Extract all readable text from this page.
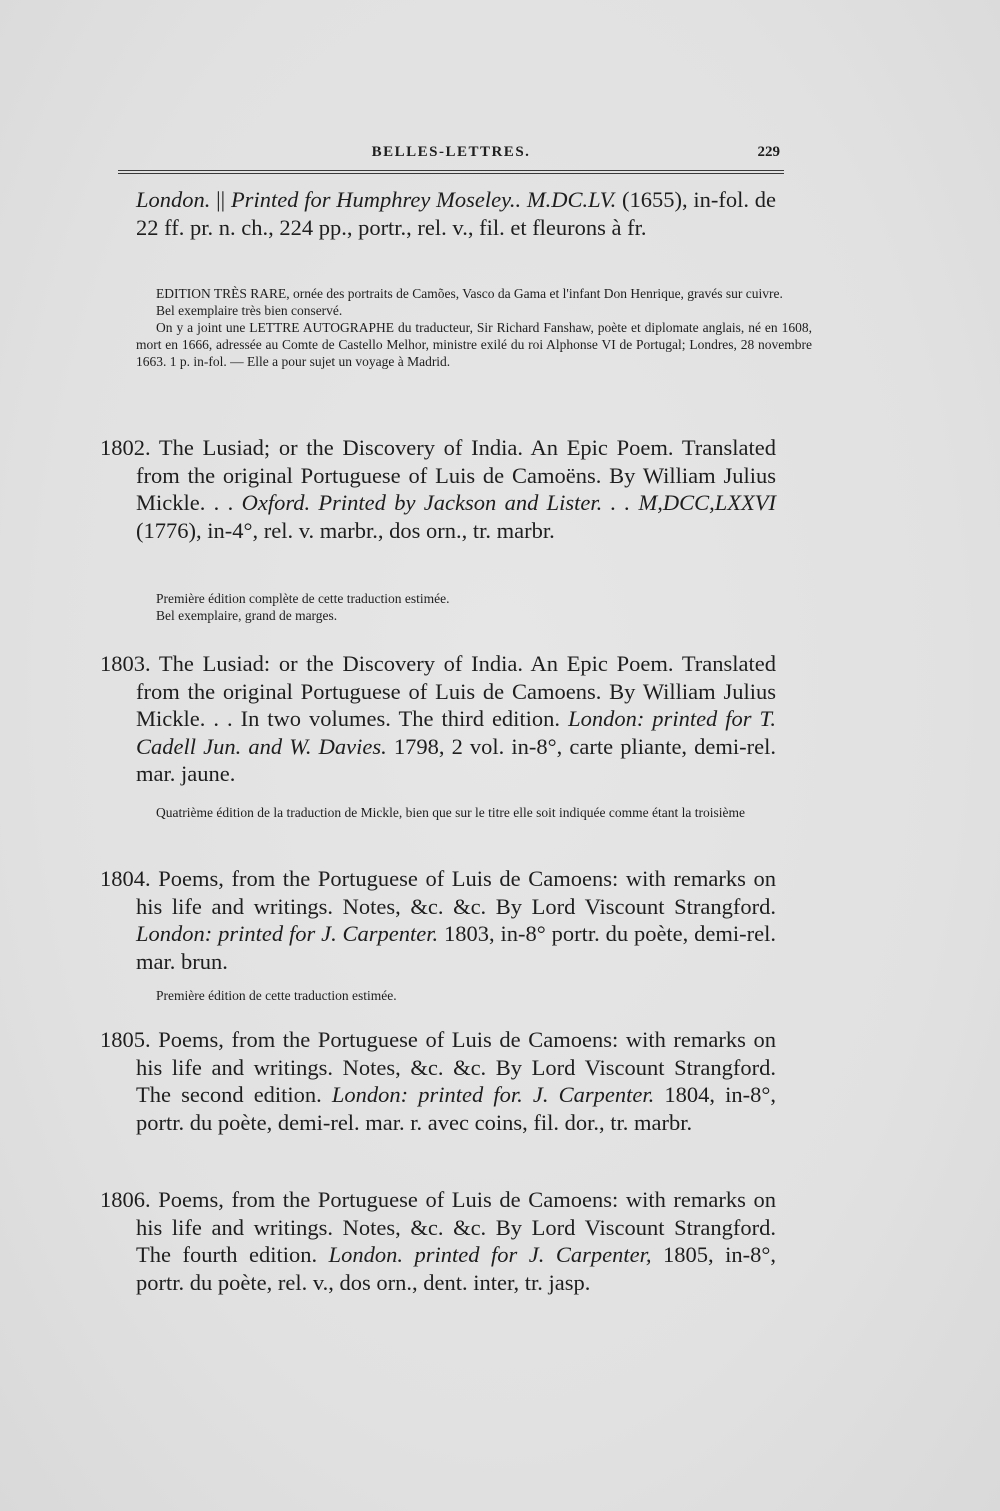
BELLES-LETTRES.	229

London. || Printed for Humphrey Moseley.. M.DC.LV. (1655), in-fol. de 22 ff. pr. n. ch., 224 pp., portr., rel. v., fil. et fleurons à fr.

EDITION TRÈS RARE, ornée des portraits de Camões, Vasco da Gama et l'infant Don Henrique, gravés sur cuivre.

Bel exemplaire très bien conservé.

On y a joint une LETTRE AUTOGRAPHE du traducteur, Sir Richard Fanshaw, poète et diplomate anglais, né en 1608, mort en 1666, adressée au Comte de Castello Melhor, ministre exilé du roi Alphonse VI de Portugal; Londres, 28 novembre 1663. 1 p. in-fol. — Elle a pour sujet un voyage à Madrid.

1802. The Lusiad; or the Discovery of India. An Epic Poem. Translated from the original Portuguese of Luis de Camoëns. By William Julius Mickle. . . Oxford. Printed by Jackson and Lister. . . M,DCC,LXXVI (1776), in-4°, rel. v. marbr., dos orn., tr. marbr.

Première édition complète de cette traduction estimée.

Bel exemplaire, grand de marges.

1803. The Lusiad: or the Discovery of India. An Epic Poem. Translated from the original Portuguese of Luis de Camoens. By William Julius Mickle. . . In two volumes. The third edition. London: printed for T. Cadell Jun. and W. Davies. 1798, 2 vol. in-8°, carte pliante, demi-rel. mar. jaune.

Quatrième édition de la traduction de Mickle, bien que sur le titre elle soit indiquée comme étant la troisième

1804. Poems, from the Portuguese of Luis de Camoens: with remarks on his life and writings. Notes, &c. &c. By Lord Viscount Strangford. London: printed for J. Carpenter. 1803, in-8° portr. du poète, demi-rel. mar. brun.

Première édition de cette traduction estimée.

1805. Poems, from the Portuguese of Luis de Camoens: with remarks on his life and writings. Notes, &c. &c. By Lord Viscount Strangford. The second edition. London: printed for. J. Carpenter. 1804, in-8°, portr. du poète, demi-rel. mar. r. avec coins, fil. dor., tr. marbr.

1806. Poems, from the Portuguese of Luis de Camoens: with remarks on his life and writings. Notes, &c. &c. By Lord Viscount Strangford. The fourth edition. London. printed for J. Carpenter, 1805, in-8°, portr. du poète, rel. v., dos orn., dent. inter, tr. jasp.
